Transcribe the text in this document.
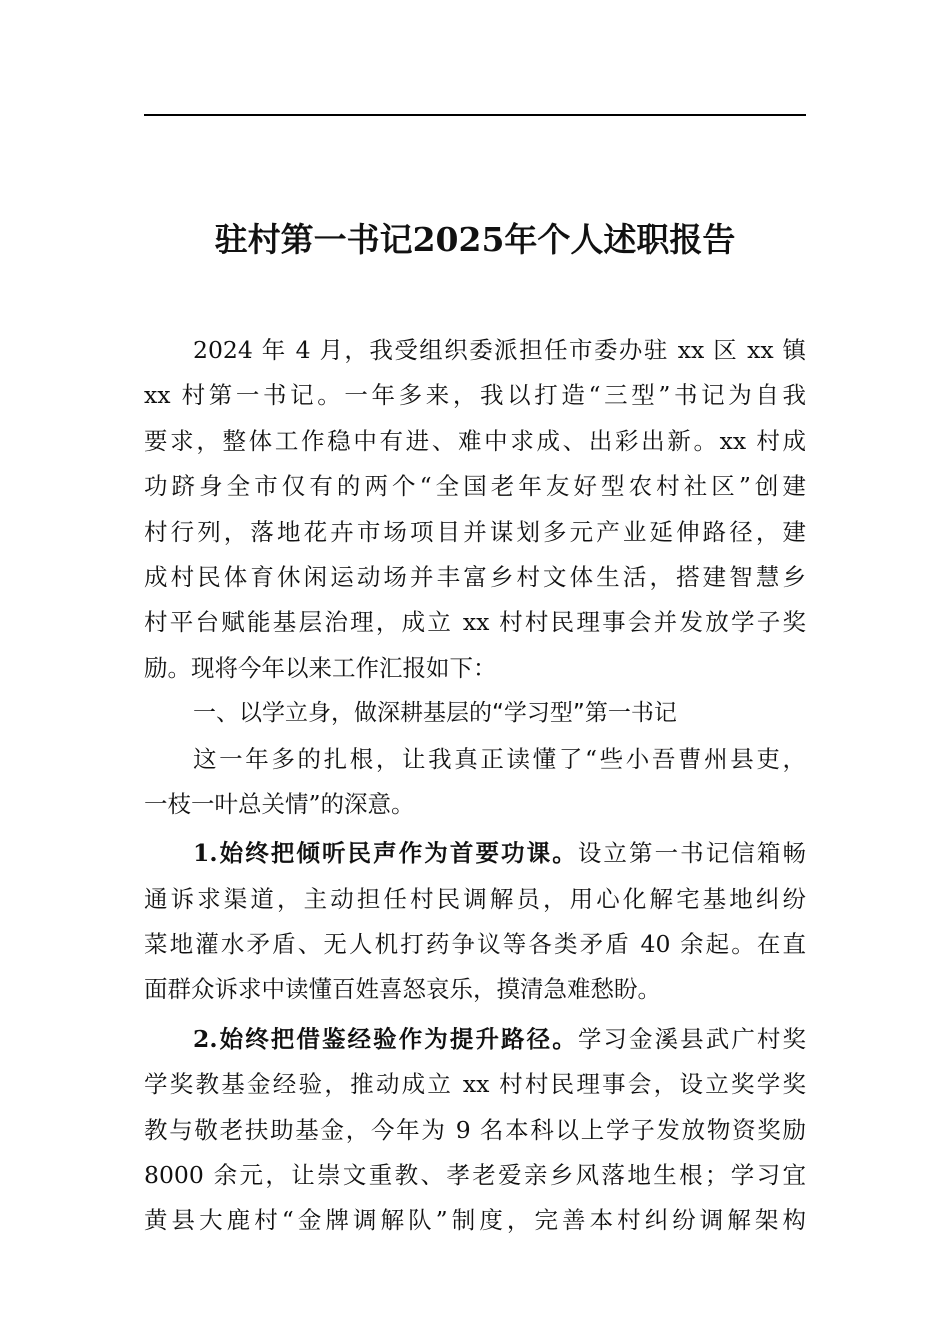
驻村第一书记2025年个人述职报告
2024 年 4 月，我受组织委派担任市委办驻 xx 区 xx 镇
xx 村第一书记。一年多来，我以打造“三型”书记为自我
要求，整体工作稳中有进、难中求成、出彩出新。xx 村成
功跻身全市仅有的两个“全国老年友好型农村社区”创建
村行列，落地花卉市场项目并谋划多元产业延伸路径，建
成村民体育休闲运动场并丰富乡村文体生活，搭建智慧乡
村平台赋能基层治理，成立 xx 村村民理事会并发放学子奖
励。现将今年以来工作汇报如下：
一、以学立身，做深耕基层的“学习型”第一书记
这一年多的扎根，让我真正读懂了“些小吾曹州县吏，
一枝一叶总关情”的深意。
1.始终把倾听民声作为首要功课。设立第一书记信箱畅
通诉求渠道，主动担任村民调解员，用心化解宅基地纠纷
菜地灌水矛盾、无人机打药争议等各类矛盾 40 余起。在直
面群众诉求中读懂百姓喜怒哀乐，摸清急难愁盼。
2.始终把借鉴经验作为提升路径。学习金溪县武广村奖
学奖教基金经验，推动成立 xx 村村民理事会，设立奖学奖
教与敬老扶助基金，今年为 9 名本科以上学子发放物资奖励
8000 余元，让崇文重教、孝老爱亲乡风落地生根；学习宜
黄县大鹿村“金牌调解队”制度，完善本村纠纷调解架构
